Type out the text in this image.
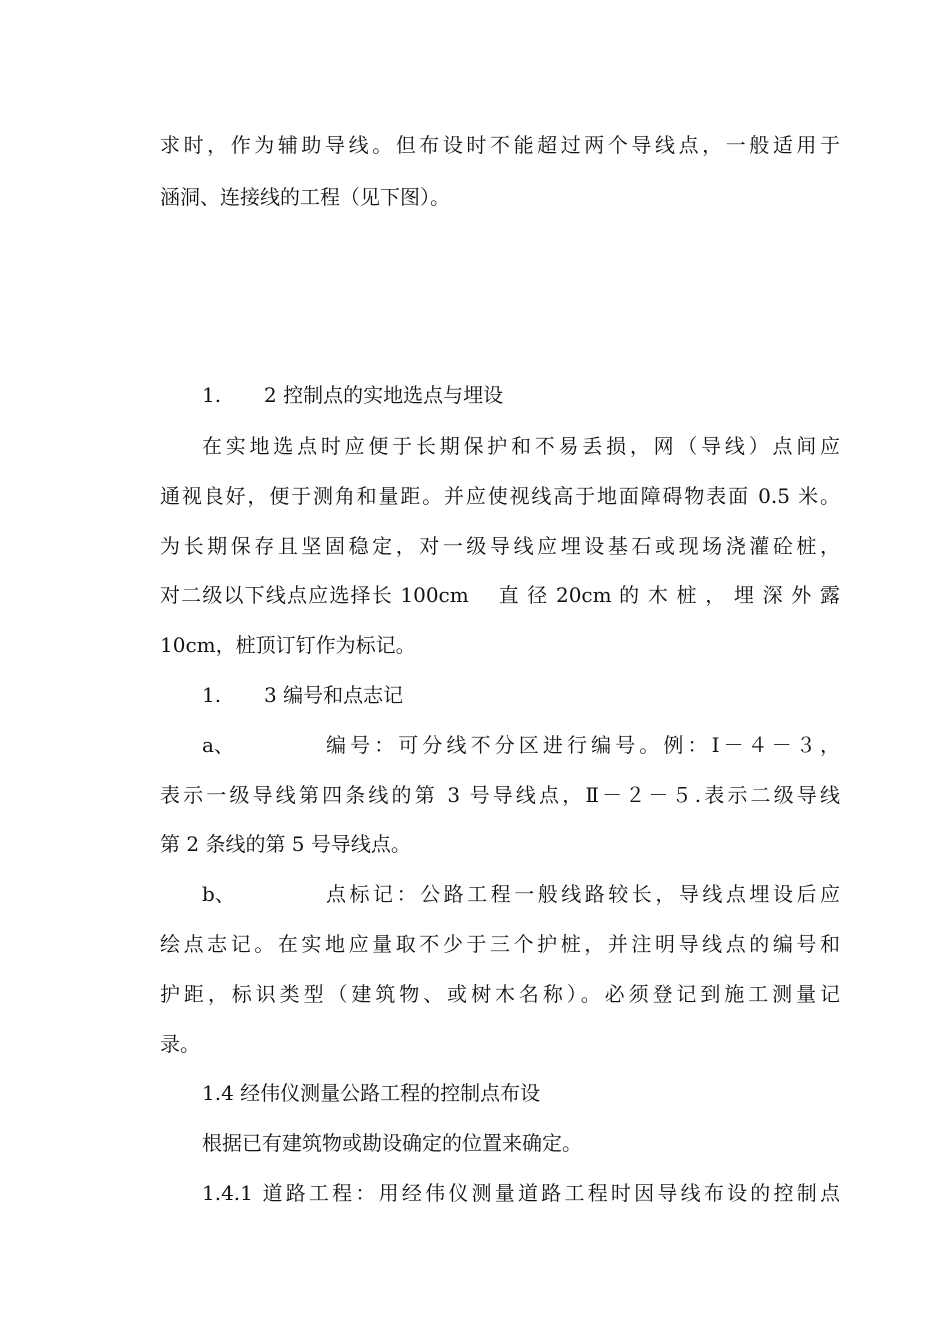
求时，作为辅助导线。但布设时不能超过两个导线点，一般适用于
涵洞、连接线的工程（见下图）。
1. 2 控制点的实地选点与埋设
在实地选点时应便于长期保护和不易丢损，网（导线）点间应
通视良好，便于测角和量距。并应使视线高于地面障碍物表面 0.5 米。
为长期保存且坚固稳定，对一级导线应埋设基石或现场浇灌砼桩，
对二级以下线点应选择长 100cm　 直 径 20cm 的 木 桩 ， 埋 深 外 露
10cm，桩顶订钉作为标记。
1. 3 编号和点志记
a、	编号：可分线不分区进行编号。例：Ⅰ－４－３，
表示一级导线第四条线的第 3 号导线点，Ⅱ－２－５.表示二级导线
第 2 条线的第 5 号导线点。
b、	点标记：公路工程一般线路较长，导线点埋设后应
绘点志记。在实地应量取不少于三个护桩，并注明导线点的编号和
护距，标识类型（建筑物、或树木名称）。必须登记到施工测量记
录。
1.4 经伟仪测量公路工程的控制点布设
根据已有建筑物或勘设确定的位置来确定。
1.4.1 道路工程：用经伟仪测量道路工程时因导线布设的控制点
